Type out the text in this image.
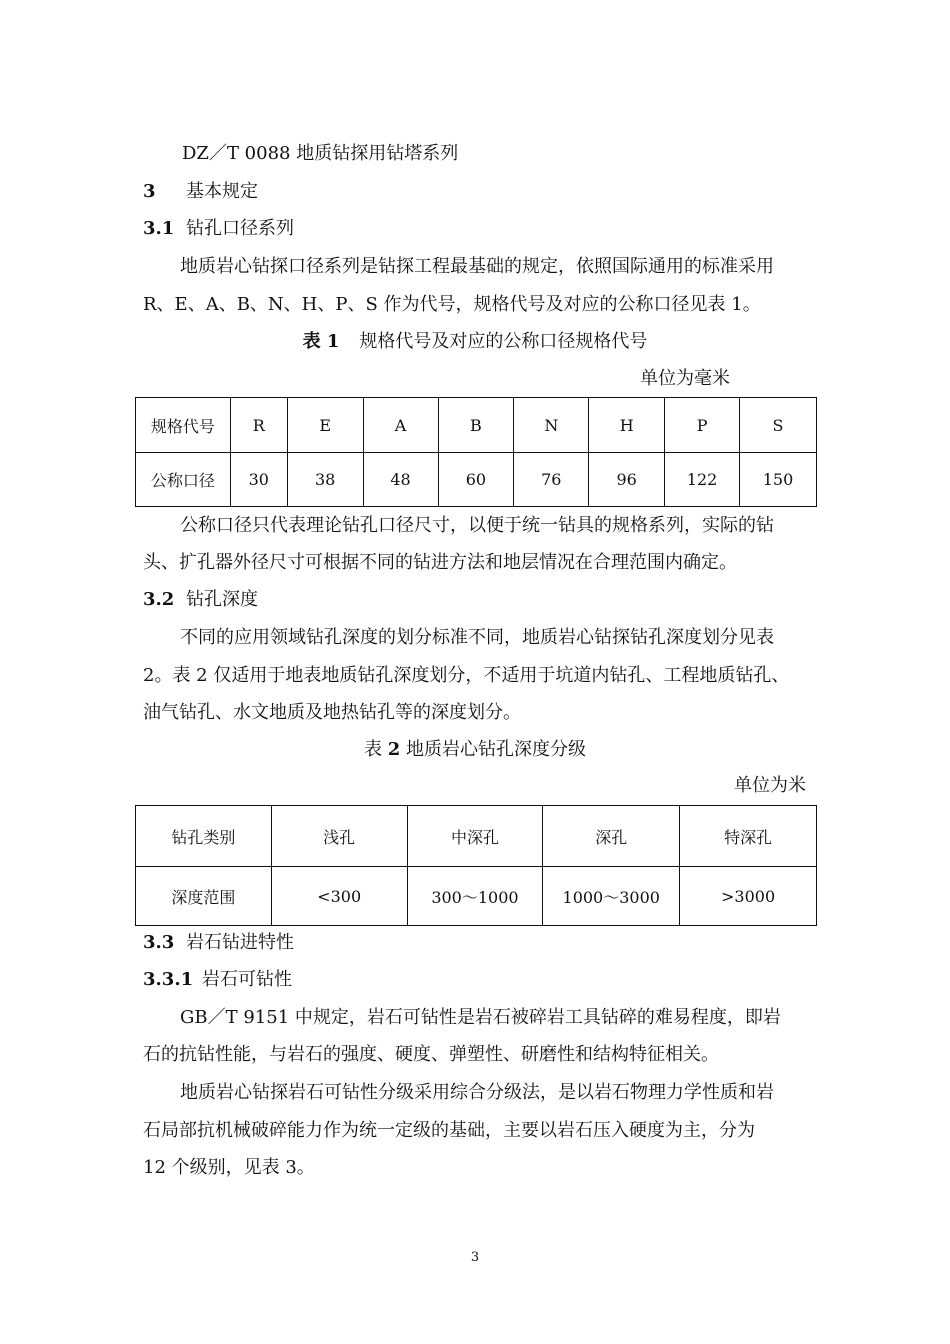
DZ／T 0088 地质钻探用钻塔系列
3 基本规定
3.1 钻孔口径系列
地质岩心钻探口径系列是钻探工程最基础的规定，依照国际通用的标准采用
R、E、A、B、N、H、P、S 作为代号，规格代号及对应的公称口径见表 1。
表 1 规格代号及对应的公称口径规格代号
单位为毫米
规格代号	R	E	A	B	N	H	P	S
公称口径	30	38	48	60	76	96	122	150
公称口径只代表理论钻孔口径尺寸，以便于统一钻具的规格系列，实际的钻
头、扩孔器外径尺寸可根据不同的钻进方法和地层情况在合理范围内确定。
3.2 钻孔深度
不同的应用领域钻孔深度的划分标准不同，地质岩心钻探钻孔深度划分见表
2。表 2 仅适用于地表地质钻孔深度划分，不适用于坑道内钻孔、工程地质钻孔、
油气钻孔、水文地质及地热钻孔等的深度划分。
表 2 地质岩心钻孔深度分级
单位为米
钻孔类别	浅孔	中深孔	深孔	特深孔
深度范围	<300	300～1000	1000～3000	>3000
3.3 岩石钻进特性
3.3.1 岩石可钻性
GB／T 9151 中规定，岩石可钻性是岩石被碎岩工具钻碎的难易程度，即岩
石的抗钻性能，与岩石的强度、硬度、弹塑性、研磨性和结构特征相关。
地质岩心钻探岩石可钻性分级采用综合分级法，是以岩石物理力学性质和岩
石局部抗机械破碎能力作为统一定级的基础，主要以岩石压入硬度为主，分为
12 个级别，见表 3。
3
